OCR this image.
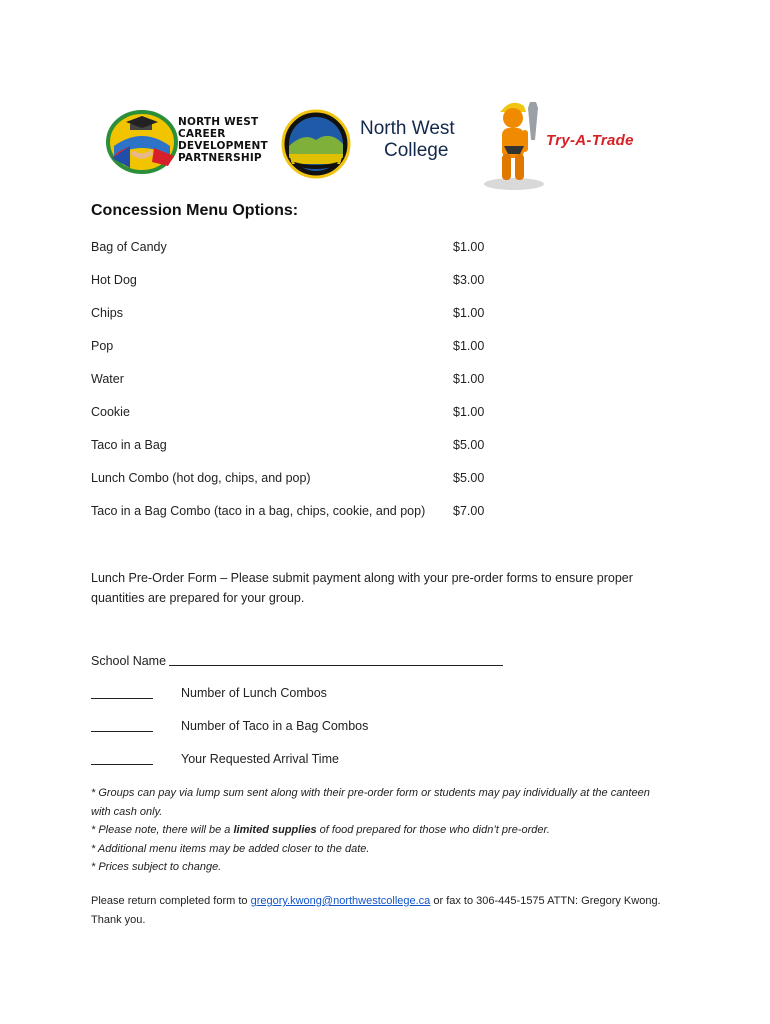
NORTH WEST
CAREER
DEVELOPMENT
PARTNERSHIP
North West
College	Try-A-Trade
Concession Menu Options:
Bag of Candy	$1.00
Hot Dog	$3.00
Chips	$1.00
Pop	$1.00
Water	$1.00
Cookie	$1.00
Taco in a Bag	$5.00
Lunch Combo (hot dog, chips, and pop)	$5.00
Taco in a Bag Combo (taco in a bag, chips, cookie, and pop) $7.00
Lunch Pre-Order Form – Please submit payment along with your pre-order forms to ensure proper quantities are prepared for your group.
School Name
Number of Lunch Combos
Number of Taco in a Bag Combos
Your Requested Arrival Time

* Groups can pay via lump sum sent along with their pre-order form or students may pay individually at the canteen with cash only.

* Please note, there will be a limited supplies of food prepared for those who didn’t pre-order.

* Additional menu items may be added closer to the date.

* Prices subject to change.

Please return completed form to gregory.kwong@northwestcollege.ca or fax to 306-445-1575 ATTN: Gregory Kwong. Thank you.
